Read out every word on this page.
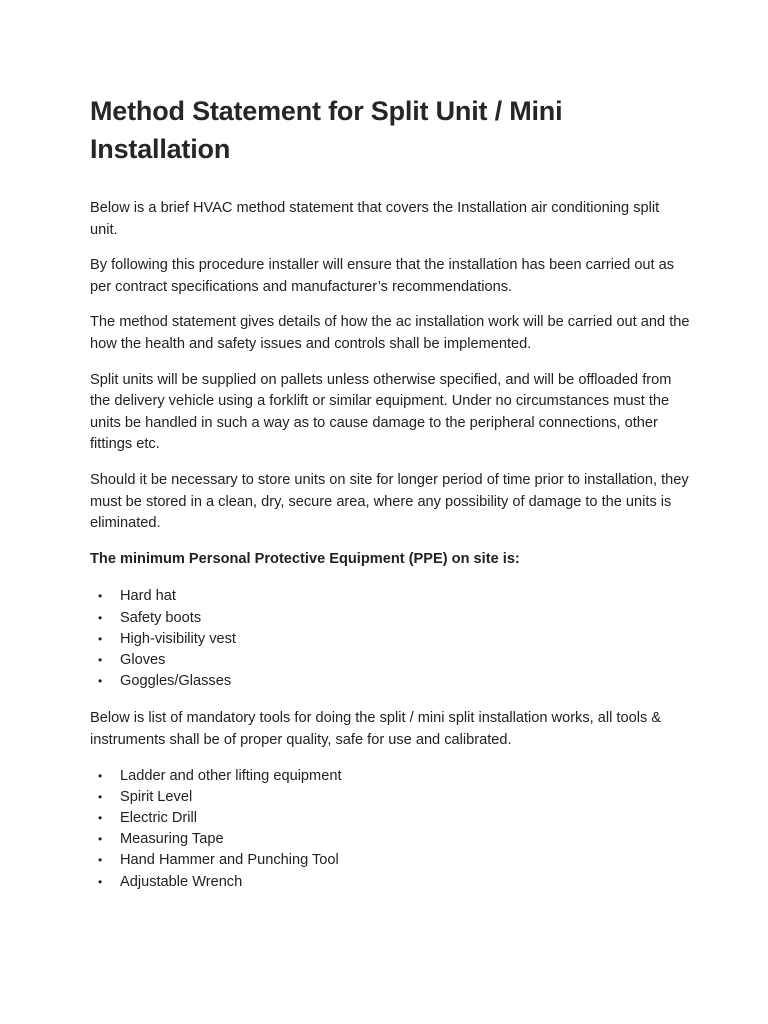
Method Statement for Split Unit / Mini Installation

Below is a brief HVAC method statement that covers the Installation air conditioning split unit.

By following this procedure installer will ensure that the installation has been carried out as per contract specifications and manufacturer’s recommendations.

The method statement gives details of how the ac installation work will be carried out and the how the health and safety issues and controls shall be implemented.

Split units will be supplied on pallets unless otherwise specified, and will be offloaded from the delivery vehicle using a forklift or similar equipment. Under no circumstances must the units be handled in such a way as to cause damage to the peripheral connections, other fittings etc.

Should it be necessary to store units on site for longer period of time prior to installation, they must be stored in a clean, dry, secure area, where any possibility of damage to the units is eliminated.

The minimum Personal Protective Equipment (PPE) on site is:

• Hard hat
• Safety boots
• High-visibility vest
• Gloves
• Goggles/Glasses

Below is list of mandatory tools for doing the split / mini split installation works, all tools & instruments shall be of proper quality, safe for use and calibrated.

• Ladder and other lifting equipment
• Spirit Level
• Electric Drill
• Measuring Tape
• Hand Hammer and Punching Tool
• Adjustable Wrench
